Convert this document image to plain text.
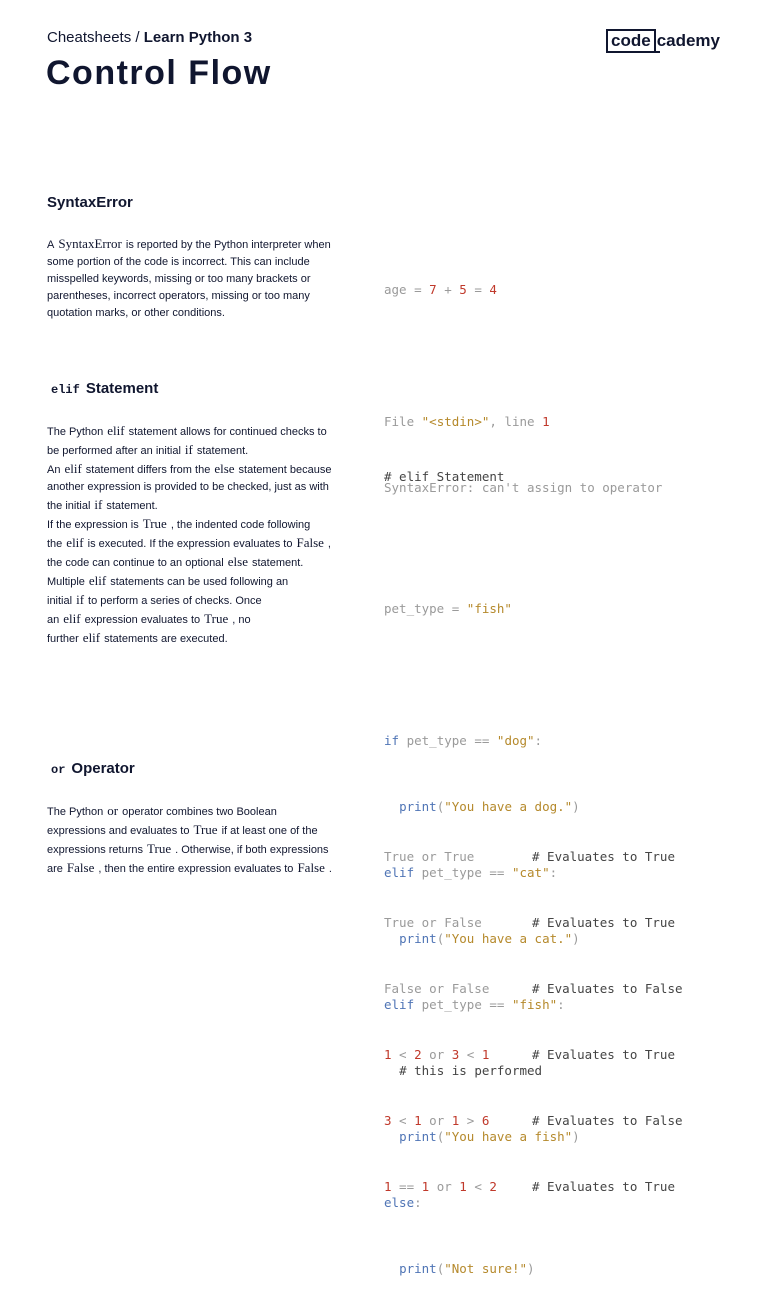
Cheatsheets / Learn Python 3
Control Flow
code cademy
SyntaxError
A SyntaxError is reported by the Python interpreter when some portion of the code is incorrect. This can include misspelled keywords, missing or too many brackets or parentheses, incorrect operators, missing or too many quotation marks, or other conditions.

age = 7 + 5 = 4

File "<stdin>", line 1

SyntaxError: can't assign to operator

elif Statement
The Python elif statement allows for continued checks to be performed after an initial if statement. An elif statement differs from the else statement because another expression is provided to be checked, just as with the initial if statement.
If the expression is True , the indented code following the elif is executed. If the expression evaluates to False , the code can continue to an optional else statement. Multiple elif statements can be used following an initial if to perform a series of checks. Once an elif expression evaluates to True , no further elif statements are executed.

# elif Statement

pet_type = "fish"

if pet_type == "dog":

print("You have a dog.")

elif pet_type == "cat":

print("You have a cat.")

elif pet_type == "fish":

# this is performed

print("You have a fish")

else:

print("Not sure!")

or Operator
The Python or operator combines two Boolean expressions and evaluates to True if at least one of the expressions returns True . Otherwise, if both expressions are False , then the entire expression evaluates to False .

True or True	# Evaluates to True

True or False	# Evaluates to True

False or False	# Evaluates to False

1 < 2 or 3 < 1	# Evaluates to True

3 < 1 or 1 > 6	# Evaluates to False

1 == 1 or 1 < 2	# Evaluates to True
